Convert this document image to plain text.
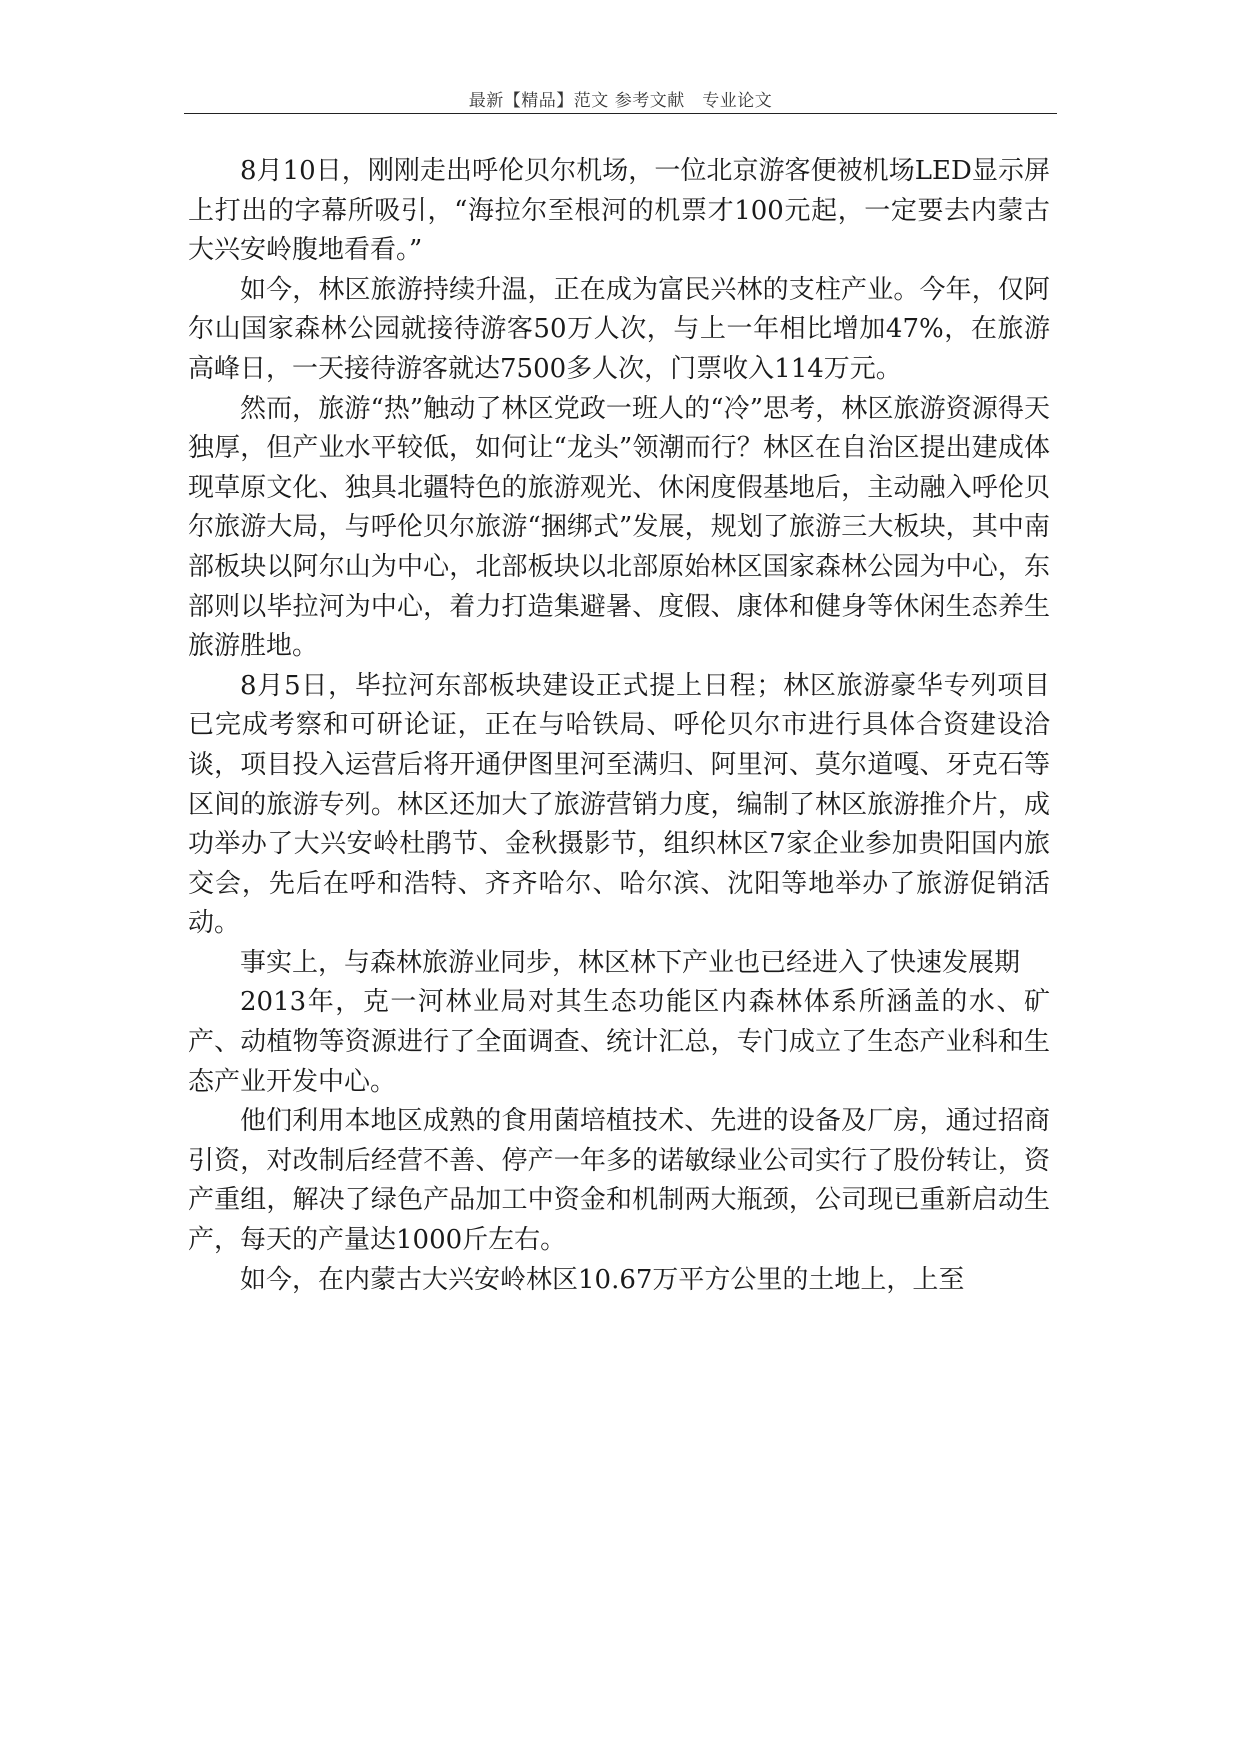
最新【精品】范文 参考文献　专业论文

8月10日，刚刚走出呼伦贝尔机场，一位北京游客便被机场LED显示屏上打出的字幕所吸引，“海拉尔至根河的机票才100元起，一定要去内蒙古大兴安岭腹地看看。”

如今，林区旅游持续升温，正在成为富民兴林的支柱产业。今年，仅阿尔山国家森林公园就接待游客50万人次，与上一年相比增加47%，在旅游高峰日，一天接待游客就达7500多人次，门票收入114万元。

然而，旅游“热”触动了林区党政一班人的“冷”思考，林区旅游资源得天独厚，但产业水平较低，如何让“龙头”领潮而行？林区在自治区提出建成体现草原文化、独具北疆特色的旅游观光、休闲度假基地后，主动融入呼伦贝尔旅游大局，与呼伦贝尔旅游“捆绑式”发展，规划了旅游三大板块，其中南部板块以阿尔山为中心，北部板块以北部原始林区国家森林公园为中心，东部则以毕拉河为中心，着力打造集避暑、度假、康体和健身等休闲生态养生旅游胜地。

8月5日，毕拉河东部板块建设正式提上日程；林区旅游豪华专列项目已完成考察和可研论证，正在与哈铁局、呼伦贝尔市进行具体合资建设洽谈，项目投入运营后将开通伊图里河至满归、阿里河、莫尔道嘎、牙克石等区间的旅游专列。林区还加大了旅游营销力度，编制了林区旅游推介片，成功举办了大兴安岭杜鹃节、金秋摄影节，组织林区7家企业参加贵阳国内旅交会，先后在呼和浩特、齐齐哈尔、哈尔滨、沈阳等地举办了旅游促销活动。

事实上，与森林旅游业同步，林区林下产业也已经进入了快速发展期

2013年，克一河林业局对其生态功能区内森林体系所涵盖的水、矿产、动植物等资源进行了全面调查、统计汇总，专门成立了生态产业科和生态产业开发中心。

他们利用本地区成熟的食用菌培植技术、先进的设备及厂房，通过招商引资，对改制后经营不善、停产一年多的诺敏绿业公司实行了股份转让，资产重组，解决了绿色产品加工中资金和机制两大瓶颈，公司现已重新启动生产，每天的产量达1000斤左右。

如今，在内蒙古大兴安岭林区10.67万平方公里的土地上，上至
